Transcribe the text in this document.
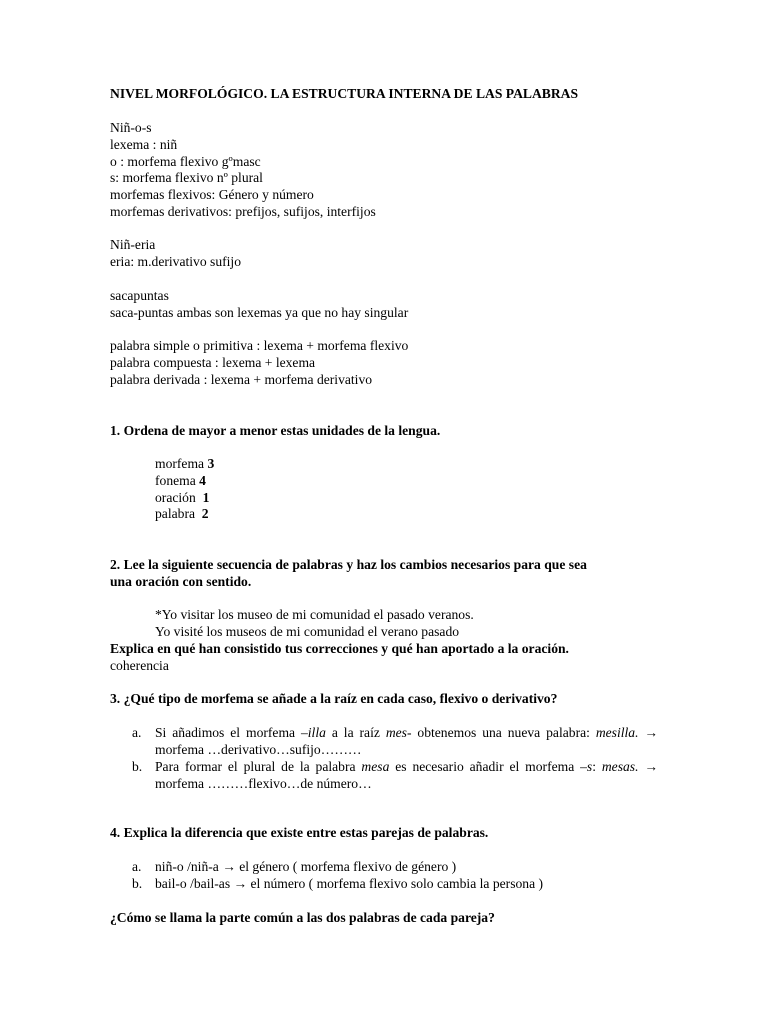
NIVEL MORFOLÓGICO. LA ESTRUCTURA INTERNA DE LAS PALABRAS
Niñ-o-s
lexema : niñ
o : morfema flexivo gºmasc
s: morfema flexivo nº plural
morfemas flexivos: Género y número
morfemas derivativos: prefijos, sufijos, interfijos
Niñ-eria
eria: m.derivativo sufijo
sacapuntas
saca-puntas ambas son lexemas ya que no hay singular
palabra simple o primitiva : lexema + morfema flexivo
palabra compuesta : lexema + lexema
palabra derivada : lexema + morfema derivativo
1. Ordena de mayor a menor estas unidades de la lengua.
morfema 3
fonema 4
oración 1
palabra 2
2. Lee la siguiente secuencia de palabras y haz los cambios necesarios para que sea
una oración con sentido.
*Yo visitar los museo de mi comunidad el pasado veranos.
Yo visité los museos de mi comunidad el verano pasado
Explica en qué han consistido tus correcciones y qué han aportado a la oración.
coherencia
3. ¿Qué tipo de morfema se añade a la raíz en cada caso, flexivo o derivativo?
a. Si añadimos el morfema –illa a la raíz mes- obtenemos una nueva palabra: mesilla. → morfema …derivativo…sufijo………
b. Para formar el plural de la palabra mesa es necesario añadir el morfema –s: mesas. → morfema ………flexivo…de número…
4. Explica la diferencia que existe entre estas parejas de palabras.
a. niñ-o /niñ-a → el género ( morfema flexivo de género )
b. bail-o /bail-as → el número ( morfema flexivo solo cambia la persona )
¿Cómo se llama la parte común a las dos palabras de cada pareja?
